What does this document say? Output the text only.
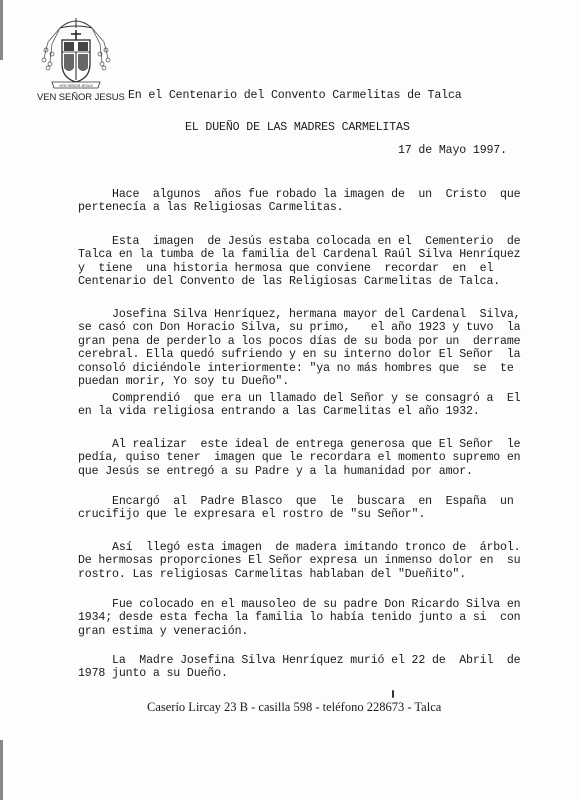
VEN SEÑOR JESUS
VEN SEÑOR JESUS En el Centenario del Convento Carmelitas de Talca
EL DUEÑO DE LAS MADRES CARMELITAS
17 de Mayo 1997.
Hace  algunos  años fue robado la imagen de  un  Cristo  que
pertenecía a las Religiosas Carmelitas.
Esta  imagen  de Jesús estaba colocada en el  Cementerio  de
Talca en la tumba de la familia del Cardenal Raúl Silva Henríquez
y  tiene  una historia hermosa que conviene  recordar  en  el
Centenario del Convento de las Religiosas Carmelitas de Talca.
Josefina Silva Henríquez, hermana mayor del Cardenal  Silva,
se casó con Don Horacio Silva, su primo,   el año 1923 y tuvo  la
gran pena de perderlo a los pocos días de su boda por un  derrame
cerebral. Ella quedó sufriendo y en su interno dolor El Señor  la
consoló diciéndole interiormente: "ya no más hombres que  se  te
puedan morir, Yo soy tu Dueño".
Comprendió  que era un llamado del Señor y se consagró a  El
en la vida religiosa entrando a las Carmelitas el año 1932.
Al realizar  este ideal de entrega generosa que El Señor  le
pedía, quiso tener  imagen que le recordara el momento supremo en
que Jesús se entregó a su Padre y a la humanidad por amor.
Encargó  al  Padre Blasco  que  le  buscara  en  España  un
crucifijo que le expresara el rostro de "su Señor".
Así  llegó esta imagen  de madera imitando tronco de  árbol.
De hermosas proporciones El Señor expresa un inmenso dolor en  su
rostro. Las religiosas Carmelitas hablaban del "Dueñito".
Fue colocado en el mausoleo de su padre Don Ricardo Silva en
1934; desde esta fecha la familia lo había tenido junto a si  con
gran estima y veneración.
La  Madre Josefina Silva Henríquez murió el 22 de  Abril  de
1978 junto a su Dueño.
Caserío Lircay 23 B - casilla 598 - teléfono 228673 - Talca
